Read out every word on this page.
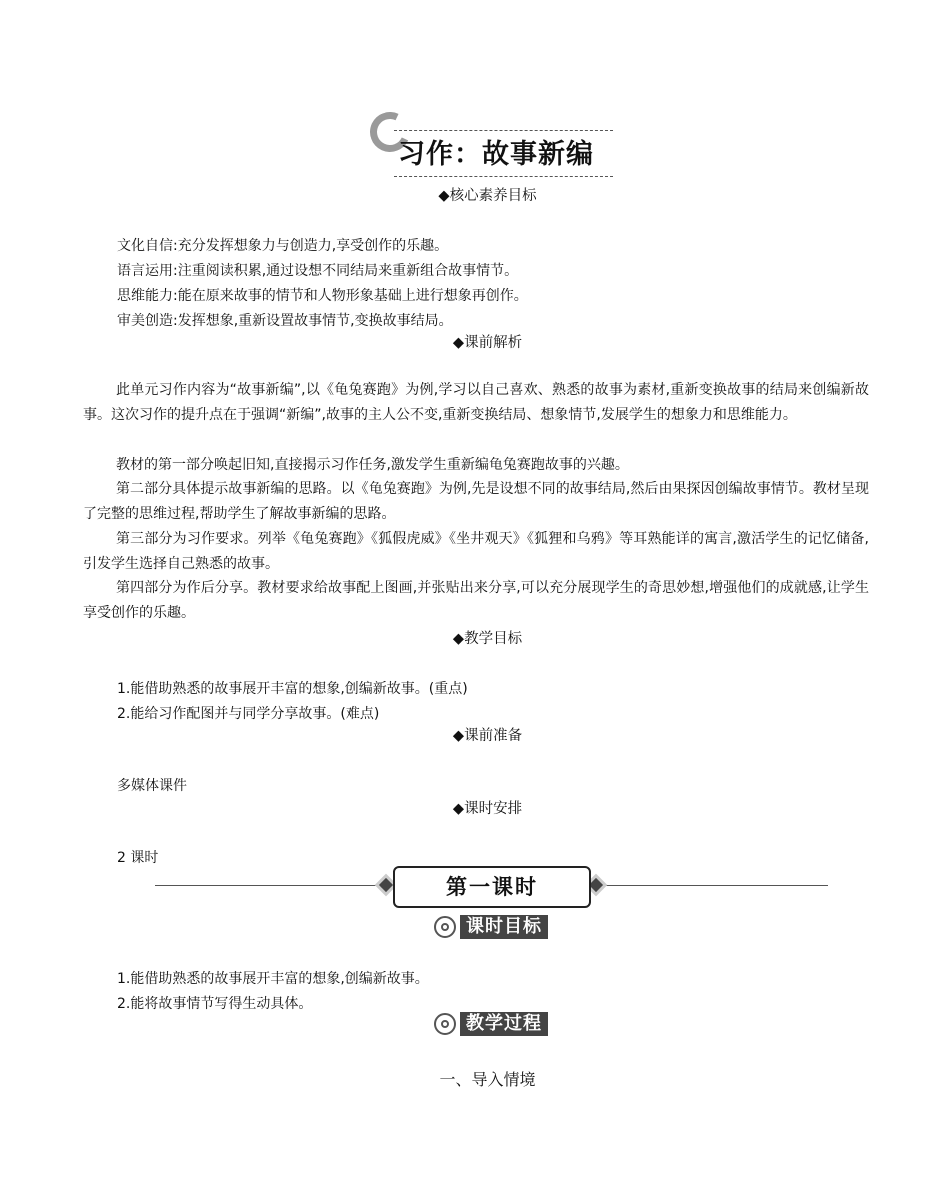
习作：故事新编
◆核心素养目标
文化自信:充分发挥想象力与创造力,享受创作的乐趣。
语言运用:注重阅读积累,通过设想不同结局来重新组合故事情节。
思维能力:能在原来故事的情节和人物形象基础上进行想象再创作。
审美创造:发挥想象,重新设置故事情节,变换故事结局。
◆课前解析
此单元习作内容为“故事新编”,以《龟兔赛跑》为例,学习以自己喜欢、熟悉的故事为素材,重新变换故事的结局来创编新故事。这次习作的提升点在于强调“新编”,故事的主人公不变,重新变换结局、想象情节,发展学生的想象力和思维能力。
教材的第一部分唤起旧知,直接揭示习作任务,激发学生重新编龟兔赛跑故事的兴趣。
第二部分具体提示故事新编的思路。以《龟兔赛跑》为例,先是设想不同的故事结局,然后由果探因创编故事情节。教材呈现了完整的思维过程,帮助学生了解故事新编的思路。
第三部分为习作要求。列举《龟兔赛跑》《狐假虎威》《坐井观天》《狐狸和乌鸦》等耳熟能详的寓言,激活学生的记忆储备,引发学生选择自己熟悉的故事。
第四部分为作后分享。教材要求给故事配上图画,并张贴出来分享,可以充分展现学生的奇思妙想,增强他们的成就感,让学生享受创作的乐趣。
◆教学目标
1.能借助熟悉的故事展开丰富的想象,创编新故事。(重点)
2.能给习作配图并与同学分享故事。(难点)
◆课前准备
多媒体课件
◆课时安排
2 课时
第一课时
课时目标
1.能借助熟悉的故事展开丰富的想象,创编新故事。
2.能将故事情节写得生动具体。
教学过程
一、导入情境
